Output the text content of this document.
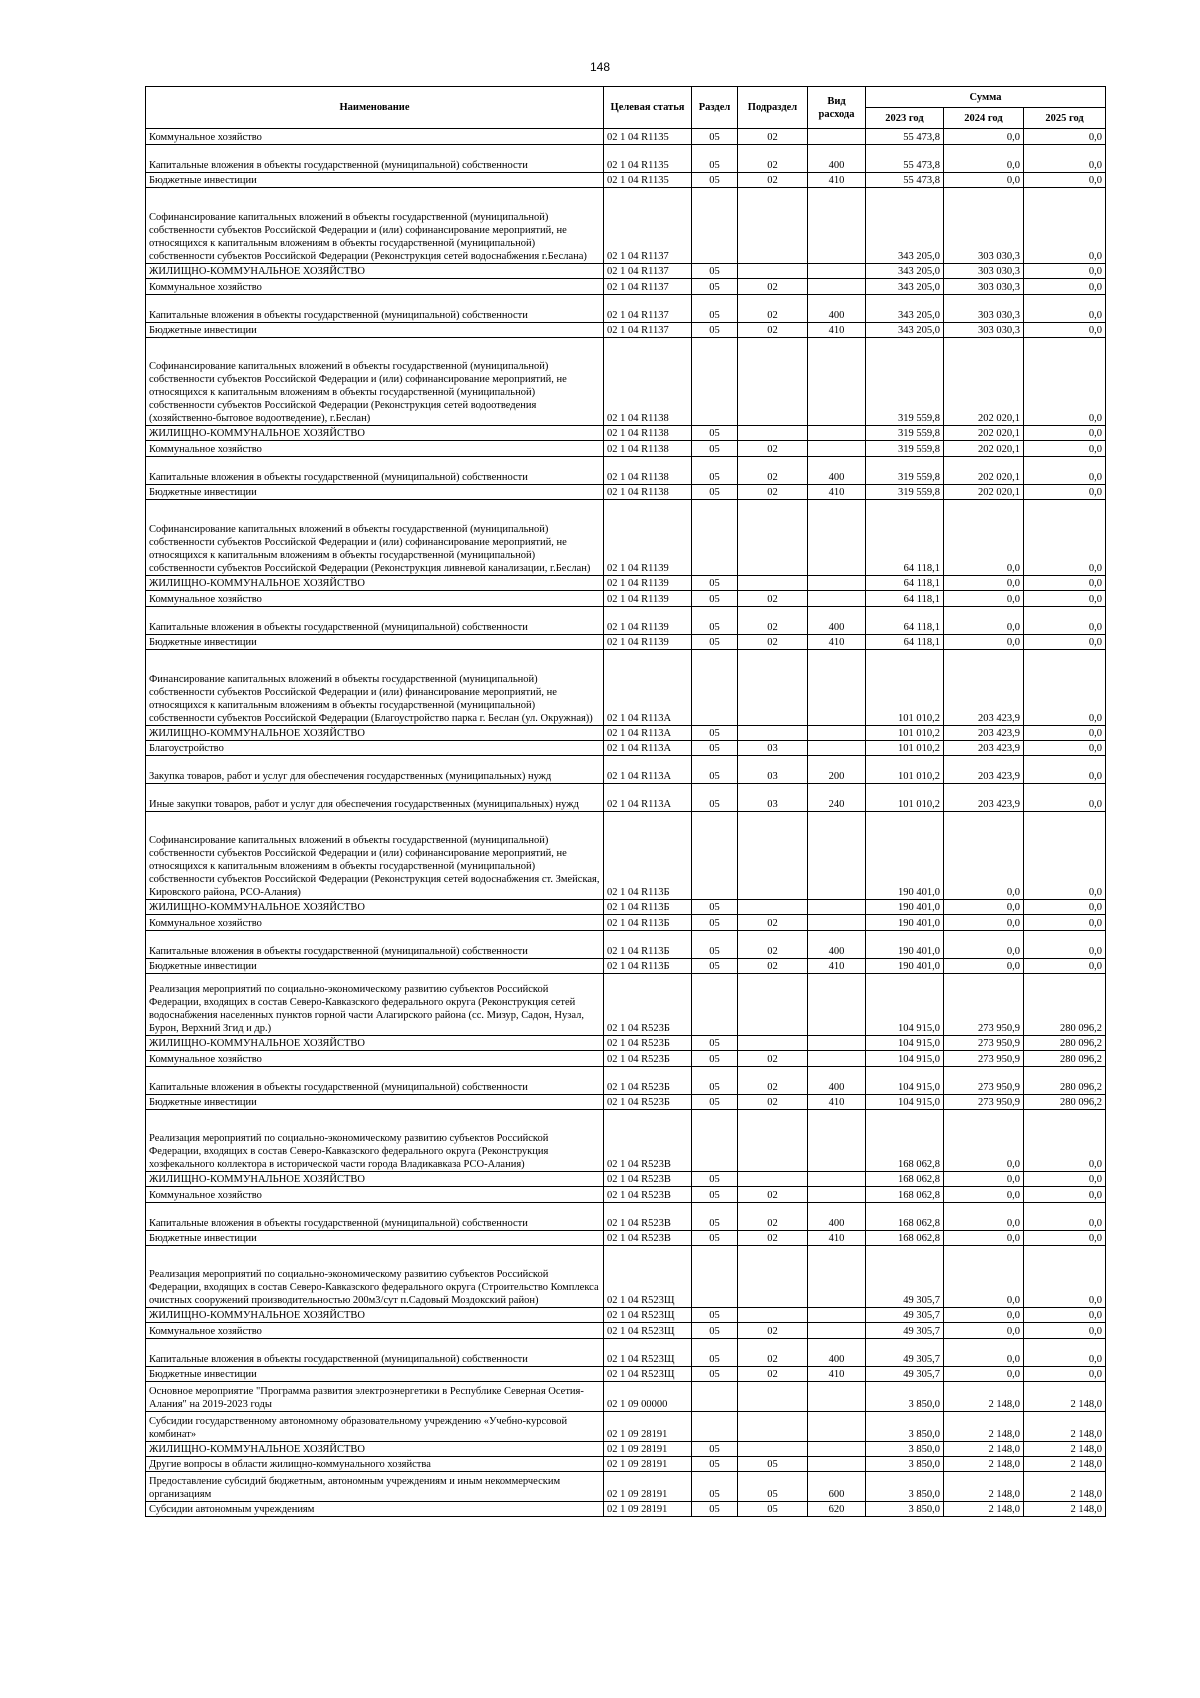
148
Наименование	Целевая статья	Раздел	Подраздел	Вид расхода	Сумма		
					2023 год	2024 год	2025 год
Коммунальное хозяйство	02 1 04 R1135	05	02		55 473,8	0,0	0,0
Капитальные вложения в объекты государственной (муниципальной) собственности	02 1 04 R1135	05	02	400	55 473,8	0,0	0,0
Бюджетные инвестиции	02 1 04 R1135	05	02	410	55 473,8	0,0	0,0
Софинансирование капитальных вложений в объекты государственной (муниципальной) собственности субъектов Российской Федерации и (или) софинансирование мероприятий, не относящихся к капитальным вложениям в объекты государственной (муниципальной) собственности субъектов Российской Федерации (Реконструкция сетей водоснабжения г.Беслана)	02 1 04 R1137				343 205,0	303 030,3	0,0
ЖИЛИЩНО-КОММУНАЛЬНОЕ ХОЗЯЙСТВО	02 1 04 R1137	05			343 205,0	303 030,3	0,0
Коммунальное хозяйство	02 1 04 R1137	05	02		343 205,0	303 030,3	0,0
Капитальные вложения в объекты государственной (муниципальной) собственности	02 1 04 R1137	05	02	400	343 205,0	303 030,3	0,0
Бюджетные инвестиции	02 1 04 R1137	05	02	410	343 205,0	303 030,3	0,0
Софинансирование капитальных вложений в объекты государственной (муниципальной) собственности субъектов Российской Федерации и (или) софинансирование мероприятий, не относящихся к капитальным вложениям в объекты государственной (муниципальной) собственности субъектов Российской Федерации (Реконструкция сетей водоотведения (хозяйственно-бытовое водоотведение), г.Беслан)	02 1 04 R1138				319 559,8	202 020,1	0,0
ЖИЛИЩНО-КОММУНАЛЬНОЕ ХОЗЯЙСТВО	02 1 04 R1138	05			319 559,8	202 020,1	0,0
Коммунальное хозяйство	02 1 04 R1138	05	02		319 559,8	202 020,1	0,0
Капитальные вложения в объекты государственной (муниципальной) собственности	02 1 04 R1138	05	02	400	319 559,8	202 020,1	0,0
Бюджетные инвестиции	02 1 04 R1138	05	02	410	319 559,8	202 020,1	0,0
Софинансирование капитальных вложений в объекты государственной (муниципальной) собственности субъектов Российской Федерации и (или) софинансирование мероприятий, не относящихся к капитальным вложениям в объекты государственной (муниципальной) собственности субъектов Российской Федерации (Реконструкция ливневой канализации, г.Беслан)	02 1 04 R1139				64 118,1	0,0	0,0
ЖИЛИЩНО-КОММУНАЛЬНОЕ ХОЗЯЙСТВО	02 1 04 R1139	05			64 118,1	0,0	0,0
Коммунальное хозяйство	02 1 04 R1139	05	02		64 118,1	0,0	0,0
Капитальные вложения в объекты государственной (муниципальной) собственности	02 1 04 R1139	05	02	400	64 118,1	0,0	0,0
Бюджетные инвестиции	02 1 04 R1139	05	02	410	64 118,1	0,0	0,0
Финансирование капитальных вложений в объекты государственной (муниципальной) собственности субъектов Российской Федерации и (или) финансирование мероприятий, не относящихся к капитальным вложениям в объекты государственной (муниципальной) собственности субъектов Российской Федерации (Благоустройство парка г. Беслан (ул. Окружная))	02 1 04 R113А				101 010,2	203 423,9	0,0
ЖИЛИЩНО-КОММУНАЛЬНОЕ ХОЗЯЙСТВО	02 1 04 R113А	05			101 010,2	203 423,9	0,0
Благоустройство	02 1 04 R113А	05	03		101 010,2	203 423,9	0,0
Закупка товаров, работ и услуг для обеспечения государственных (муниципальных) нужд	02 1 04 R113А	05	03	200	101 010,2	203 423,9	0,0
Иные закупки товаров, работ и услуг для обеспечения государственных (муниципальных) нужд	02 1 04 R113А	05	03	240	101 010,2	203 423,9	0,0
Софинансирование капитальных вложений в объекты государственной (муниципальной) собственности субъектов Российской Федерации и (или) софинансирование мероприятий, не относящихся к капитальным вложениям в объекты государственной (муниципальной) собственности субъектов Российской Федерации (Реконструкция сетей водоснабжения ст. Змейская, Кировского района, РСО-Алания)	02 1 04 R113Б				190 401,0	0,0	0,0
ЖИЛИЩНО-КОММУНАЛЬНОЕ ХОЗЯЙСТВО	02 1 04 R113Б	05			190 401,0	0,0	0,0
Коммунальное хозяйство	02 1 04 R113Б	05	02		190 401,0	0,0	0,0
Капитальные вложения в объекты государственной (муниципальной) собственности	02 1 04 R113Б	05	02	400	190 401,0	0,0	0,0
Бюджетные инвестиции	02 1 04 R113Б	05	02	410	190 401,0	0,0	0,0
Реализация мероприятий по социально-экономическому развитию субъектов Российской Федерации, входящих в состав Северо-Кавказского федерального округа (Реконструкция сетей водоснабжения населенных пунктов горной части Алагирского района (сс. Мизур, Садон, Нузал, Бурон, Верхний Згид и др.)	02 1 04 R523Б				104 915,0	273 950,9	280 096,2
ЖИЛИЩНО-КОММУНАЛЬНОЕ ХОЗЯЙСТВО	02 1 04 R523Б	05			104 915,0	273 950,9	280 096,2
Коммунальное хозяйство	02 1 04 R523Б	05	02		104 915,0	273 950,9	280 096,2
Капитальные вложения в объекты государственной (муниципальной) собственности	02 1 04 R523Б	05	02	400	104 915,0	273 950,9	280 096,2
Бюджетные инвестиции	02 1 04 R523Б	05	02	410	104 915,0	273 950,9	280 096,2
Реализация мероприятий по социально-экономическому развитию субъектов Российской Федерации, входящих в состав Северо-Кавказского федерального округа (Реконструкция хозфекального коллектора в исторической части города Владикавказа РСО-Алания)	02 1 04 R523В				168 062,8	0,0	0,0
ЖИЛИЩНО-КОММУНАЛЬНОЕ ХОЗЯЙСТВО	02 1 04 R523В	05			168 062,8	0,0	0,0
Коммунальное хозяйство	02 1 04 R523В	05	02		168 062,8	0,0	0,0
Капитальные вложения в объекты государственной (муниципальной) собственности	02 1 04 R523В	05	02	400	168 062,8	0,0	0,0
Бюджетные инвестиции	02 1 04 R523В	05	02	410	168 062,8	0,0	0,0
Реализация мероприятий по социально-экономическому развитию субъектов Российской Федерации, входящих в состав Северо-Кавказского федерального округа (Строительство Комплекса очистных сооружений производительностью 200м3/сут п.Садовый Моздокский район)	02 1 04 R523Щ				49 305,7	0,0	0,0
ЖИЛИЩНО-КОММУНАЛЬНОЕ ХОЗЯЙСТВО	02 1 04 R523Щ	05			49 305,7	0,0	0,0
Коммунальное хозяйство	02 1 04 R523Щ	05	02		49 305,7	0,0	0,0
Капитальные вложения в объекты государственной (муниципальной) собственности	02 1 04 R523Щ	05	02	400	49 305,7	0,0	0,0
Бюджетные инвестиции	02 1 04 R523Щ	05	02	410	49 305,7	0,0	0,0
Основное мероприятие "Программа развития электроэнергетики в Республике Северная Осетия-Алания" на 2019-2023 годы	02 1 09 00000				3 850,0	2 148,0	2 148,0
Субсидии государственному автономному образовательному учреждению «Учебно-курсовой комбинат»	02 1 09 28191				3 850,0	2 148,0	2 148,0
ЖИЛИЩНО-КОММУНАЛЬНОЕ ХОЗЯЙСТВО	02 1 09 28191	05			3 850,0	2 148,0	2 148,0
Другие вопросы в области жилищно-коммунального хозяйства	02 1 09 28191	05	05		3 850,0	2 148,0	2 148,0
Предоставление субсидий бюджетным, автономным учреждениям и иным некоммерческим организациям	02 1 09 28191	05	05	600	3 850,0	2 148,0	2 148,0
Субсидии автономным учреждениям	02 1 09 28191	05	05	620	3 850,0	2 148,0	2 148,0
